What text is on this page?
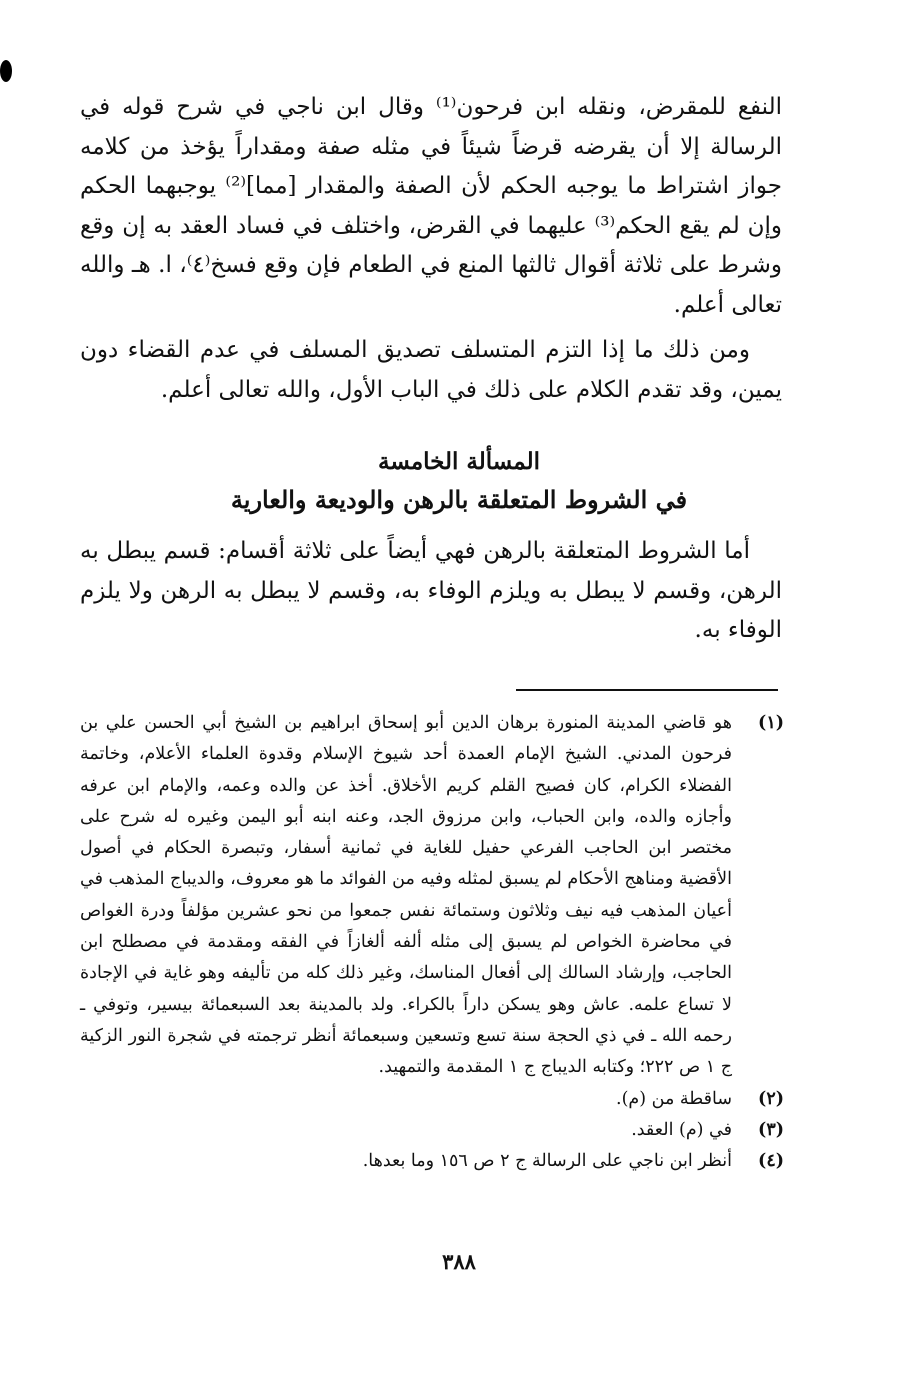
النفع للمقرض، ونقله ابن فرحون⁽¹⁾ وقال ابن ناجي في شرح قوله في الرسالة إلا أن يقرضه قرضاً شيئاً في مثله صفة ومقداراً يؤخذ من كلامه جواز اشتراط ما يوجبه الحكم لأن الصفة والمقدار [مما]⁽²⁾ يوجبهما الحكم وإن لم يقع الحكم⁽³⁾ عليهما في القرض، واختلف في فساد العقد به إن وقع وشرط على ثلاثة أقوال ثالثها المنع في الطعام فإن وقع فسخ⁽٤⁾، ا. هـ والله تعالى أعلم.

ومن ذلك ما إذا التزم المتسلف تصديق المسلف في عدم القضاء دون يمين، وقد تقدم الكلام على ذلك في الباب الأول، والله تعالى أعلم.

المسألة الخامسة
في الشروط المتعلقة بالرهن والوديعة والعارية

أما الشروط المتعلقة بالرهن فهي أيضاً على ثلاثة أقسام: قسم يبطل به الرهن، وقسم لا يبطل به ويلزم الوفاء به، وقسم لا يبطل به الرهن ولا يلزم الوفاء به.

(١)
هو قاضي المدينة المنورة برهان الدين أبو إسحاق ابراهيم بن الشيخ أبي الحسن علي بن فرحون المدني. الشيخ الإمام العمدة أحد شيوخ الإسلام وقدوة العلماء الأعلام، وخاتمة الفضلاء الكرام، كان فصيح القلم كريم الأخلاق. أخذ عن والده وعمه، والإمام ابن عرفه وأجازه والده، وابن الحباب، وابن مرزوق الجد، وعنه ابنه أبو اليمن وغيره له شرح على مختصر ابن الحاجب الفرعي حفيل للغاية في ثمانية أسفار، وتبصرة الحكام في أصول الأقضية ومناهج الأحكام لم يسبق لمثله وفيه من الفوائد ما هو معروف، والديباج المذهب في أعيان المذهب فيه نيف وثلاثون وستمائة نفس جمعوا من نحو عشرين مؤلفاً ودرة الغواص في محاضرة الخواص لم يسبق إلى مثله ألفه ألغازاً في الفقه ومقدمة في مصطلح ابن الحاجب، وإرشاد السالك إلى أفعال المناسك، وغير ذلك كله من تأليفه وهو غاية في الإجادة لا تساع علمه. عاش وهو يسكن داراً بالكراء. ولد بالمدينة بعد السبعمائة بيسير، وتوفي ـ رحمه الله ـ في ذي الحجة سنة تسع وتسعين وسبعمائة أنظر ترجمته في شجرة النور الزكية ج ١ ص ٢٢٢؛ وكتابه الديباج ج ١ المقدمة والتمهيد.
(٢)
ساقطة من (م).
(٣)
في (م) العقد.
(٤)
أنظر ابن ناجي على الرسالة ج ٢ ص ١٥٦ وما بعدها.
٣٨٨
